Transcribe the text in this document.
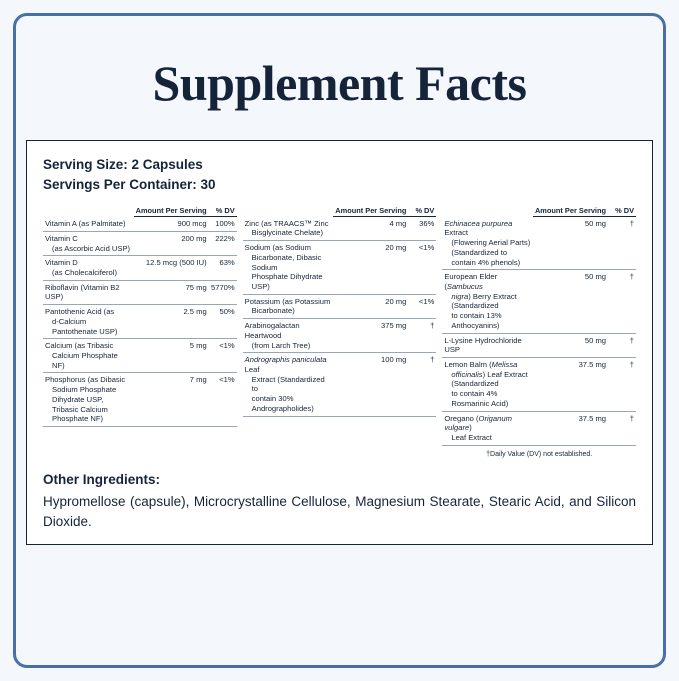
Supplement Facts
Serving Size: 2 Capsules
Servings Per Container: 30
	Amount Per Serving	% DV
Vitamin A (as Palmitate)	900 mcg	100%
Vitamin C
(as Ascorbic Acid USP)	200 mg	222%
Vitamin D
(as Cholecalciferol)	12.5 mcg (500 IU)	63%
Riboflavin (Vitamin B2 USP)	75 mg	5770%
Pantothenic Acid (as
d-Calcium Pantothenate USP)	2.5 mg	50%
Calcium (as Tribasic
Calcium Phosphate NF)	5 mg	<1%
Phosphorus (as Dibasic
Sodium Phosphate Dihydrate USP,
Tribasic Calcium Phosphate NF)	7 mg	<1%
	Amount Per Serving	% DV
Zinc (as TRAACS™ Zinc
Bisglycinate Chelate)	4 mg	36%
Sodium (as Sodium
Bicarbonate, Dibasic Sodium
Phosphate Dihydrate USP)	20 mg	<1%
Potassium (as Potassium
Bicarbonate)	20 mg	<1%
Arabinogalactan Heartwood
(from Larch Tree)	375 mg	†
Andrographis paniculata Leaf
Extract (Standardized to
contain 30% Andrographolides)	100 mg	†
	Amount Per Serving	% DV
Echinacea purpurea Extract
(Flowering Aerial Parts)
(Standardized to contain 4% phenols)	50 mg	†
European Elder (Sambucus
nigra) Berry Extract (Standardized
to contain 13% Anthocyanins)	50 mg	†
L-Lysine Hydrochloride USP	50 mg	†
Lemon Balm (Melissa
officinalis) Leaf Extract (Standardized
to contain 4% Rosmarinic Acid)	37.5 mg	†
Oregano (Origanum vulgare)
Leaf Extract	37.5 mg	†
†Daily Value (DV) not established.
Other Ingredients:
Hypromellose (capsule), Microcrystalline Cellulose, Magnesium Stearate, Stearic Acid, and Silicon Dioxide.
